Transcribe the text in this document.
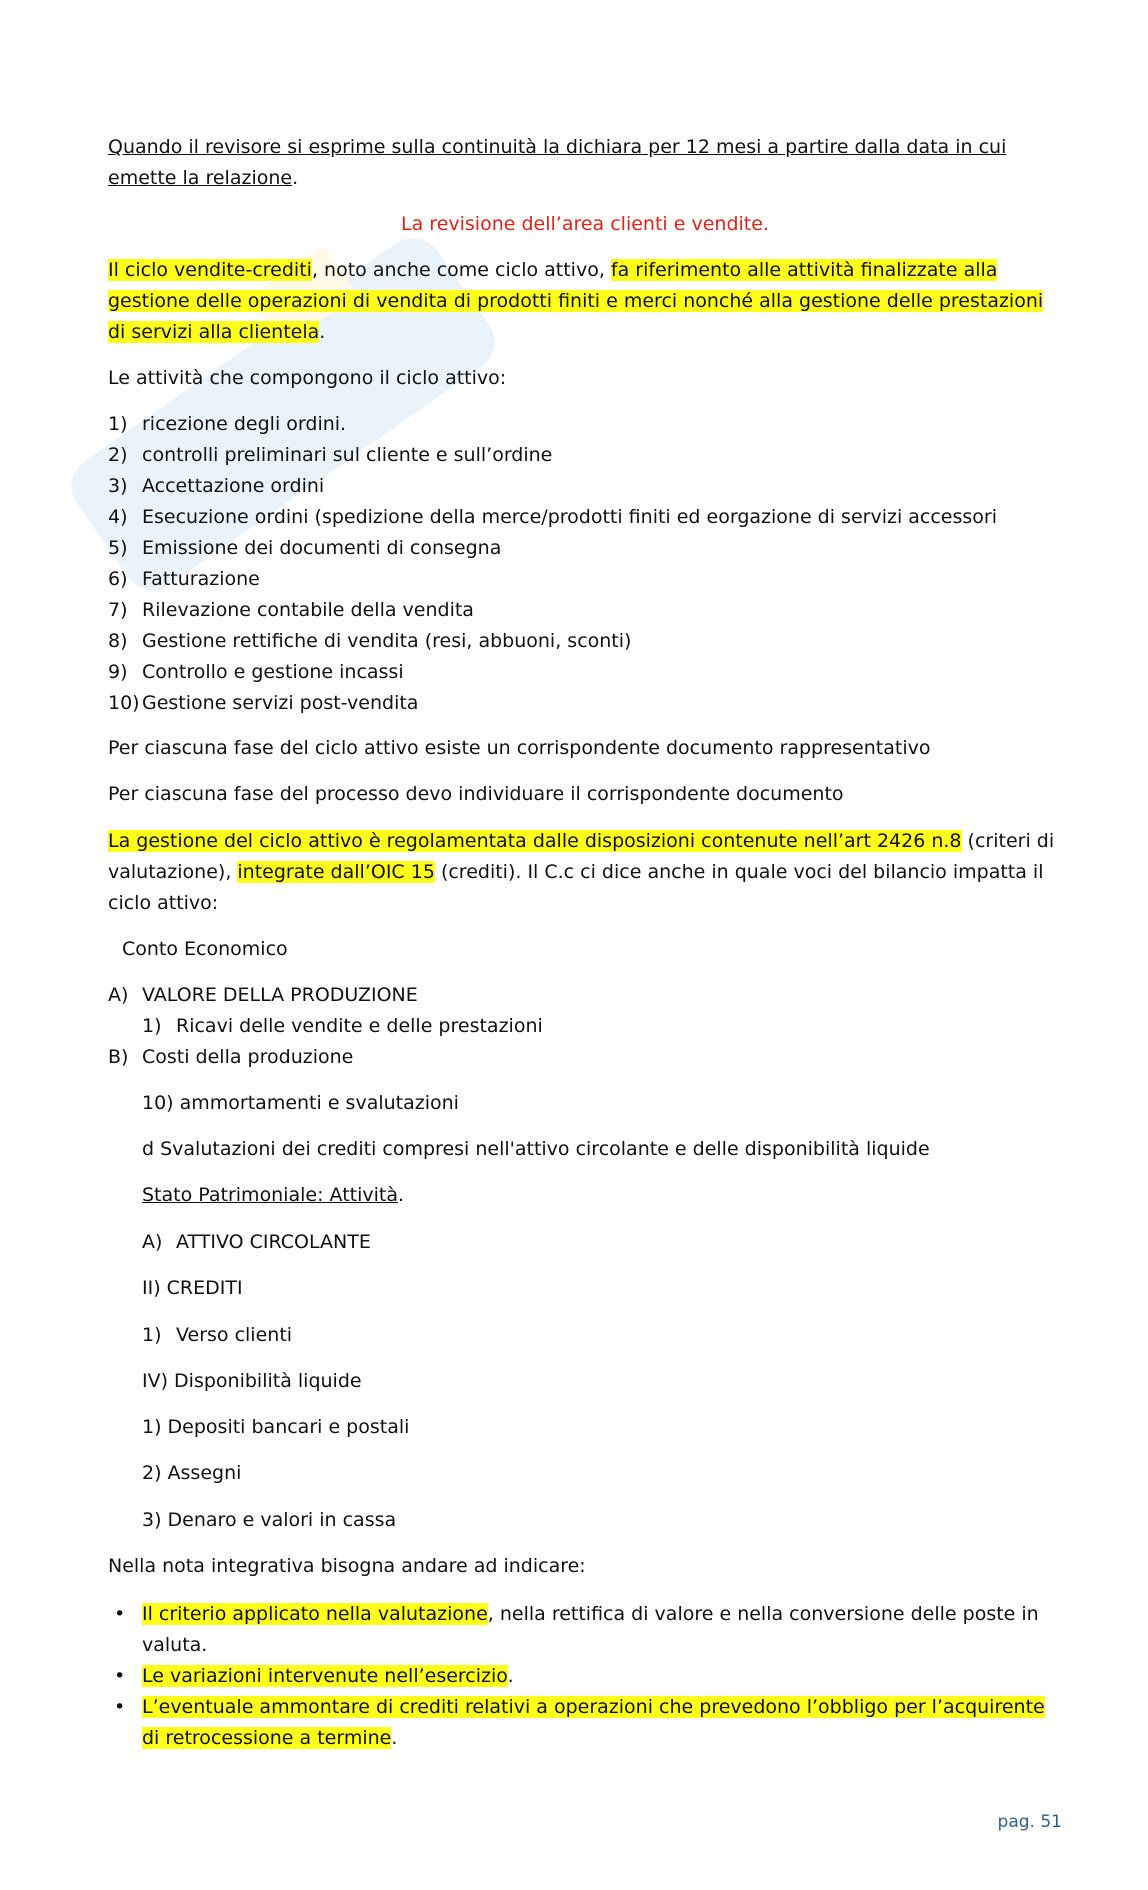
Quando il revisore si esprime sulla continuità la dichiara per 12 mesi a partire dalla data in cui emette la relazione.

La revisione dell’area clienti e vendite.

Il ciclo vendite-crediti, noto anche come ciclo attivo, fa riferimento alle attività finalizzate alla gestione delle operazioni di vendita di prodotti finiti e merci nonché alla gestione delle prestazioni di servizi alla clientela.

Le attività che compongono il ciclo attivo:

1) ricezione degli ordini.
2) controlli preliminari sul cliente e sull’ordine
3) Accettazione ordini
4) Esecuzione ordini (spedizione della merce/prodotti finiti ed eorgazione di servizi accessori
5) Emissione dei documenti di consegna
6) Fatturazione
7) Rilevazione contabile della vendita
8) Gestione rettifiche di vendita (resi, abbuoni, sconti)
9) Controllo e gestione incassi
10) Gestione servizi post-vendita

Per ciascuna fase del ciclo attivo esiste un corrispondente documento rappresentativo

Per ciascuna fase del processo devo individuare il corrispondente documento

La gestione del ciclo attivo è regolamentata dalle disposizioni contenute nell’art 2426 n.8 (criteri di valutazione), integrate dall’OIC 15 (crediti). Il C.c ci dice anche in quale voci del bilancio impatta il ciclo attivo:

Conto Economico

A) VALORE DELLA PRODUZIONE
1) Ricavi delle vendite e delle prestazioni
B) Costi della produzione

10) ammortamenti e svalutazioni

d Svalutazioni dei crediti compresi nell'attivo circolante e delle disponibilità liquide

Stato Patrimoniale: Attività.

A) ATTIVO CIRCOLANTE

II) CREDITI

1) Verso clienti

IV) Disponibilità liquide

1) Depositi bancari e postali

2) Assegni

3) Denaro e valori in cassa

Nella nota integrativa bisogna andare ad indicare:

• Il criterio applicato nella valutazione, nella rettifica di valore e nella conversione delle poste in valuta.
• Le variazioni intervenute nell’esercizio.
• L’eventuale ammontare di crediti relativi a operazioni che prevedono l’obbligo per l’acquirente di retrocessione a termine.
pag. 51
